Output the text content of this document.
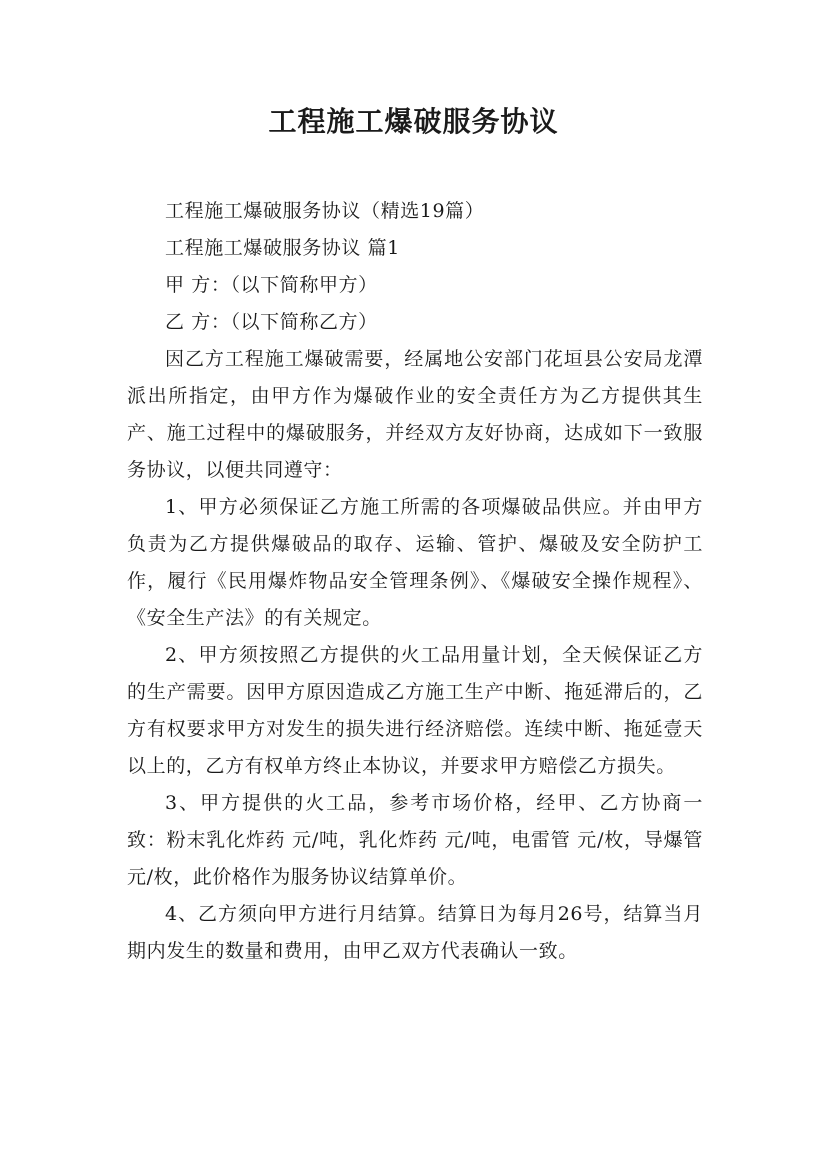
工程施工爆破服务协议

工程施工爆破服务协议（精选19篇）

工程施工爆破服务协议 篇1

甲 方：（以下简称甲方）

乙 方：（以下简称乙方）

因乙方工程施工爆破需要，经属地公安部门花垣县公安局龙潭派出所指定，由甲方作为爆破作业的安全责任方为乙方提供其生产、施工过程中的爆破服务，并经双方友好协商，达成如下一致服务协议，以便共同遵守：

1、甲方必须保证乙方施工所需的各项爆破品供应。并由甲方负责为乙方提供爆破品的取存、运输、管护、爆破及安全防护工作，履行《民用爆炸物品安全管理条例》、《爆破安全操作规程》、《安全生产法》的有关规定。

2、甲方须按照乙方提供的火工品用量计划，全天候保证乙方的生产需要。因甲方原因造成乙方施工生产中断、拖延滞后的，乙方有权要求甲方对发生的损失进行经济赔偿。连续中断、拖延壹天以上的，乙方有权单方终止本协议，并要求甲方赔偿乙方损失。

3、甲方提供的火工品，参考市场价格，经甲、乙方协商一致：粉末乳化炸药 元/吨，乳化炸药 元/吨，电雷管 元/枚，导爆管 元/枚，此价格作为服务协议结算单价。

4、乙方须向甲方进行月结算。结算日为每月26号，结算当月期内发生的数量和费用，由甲乙双方代表确认一致。
